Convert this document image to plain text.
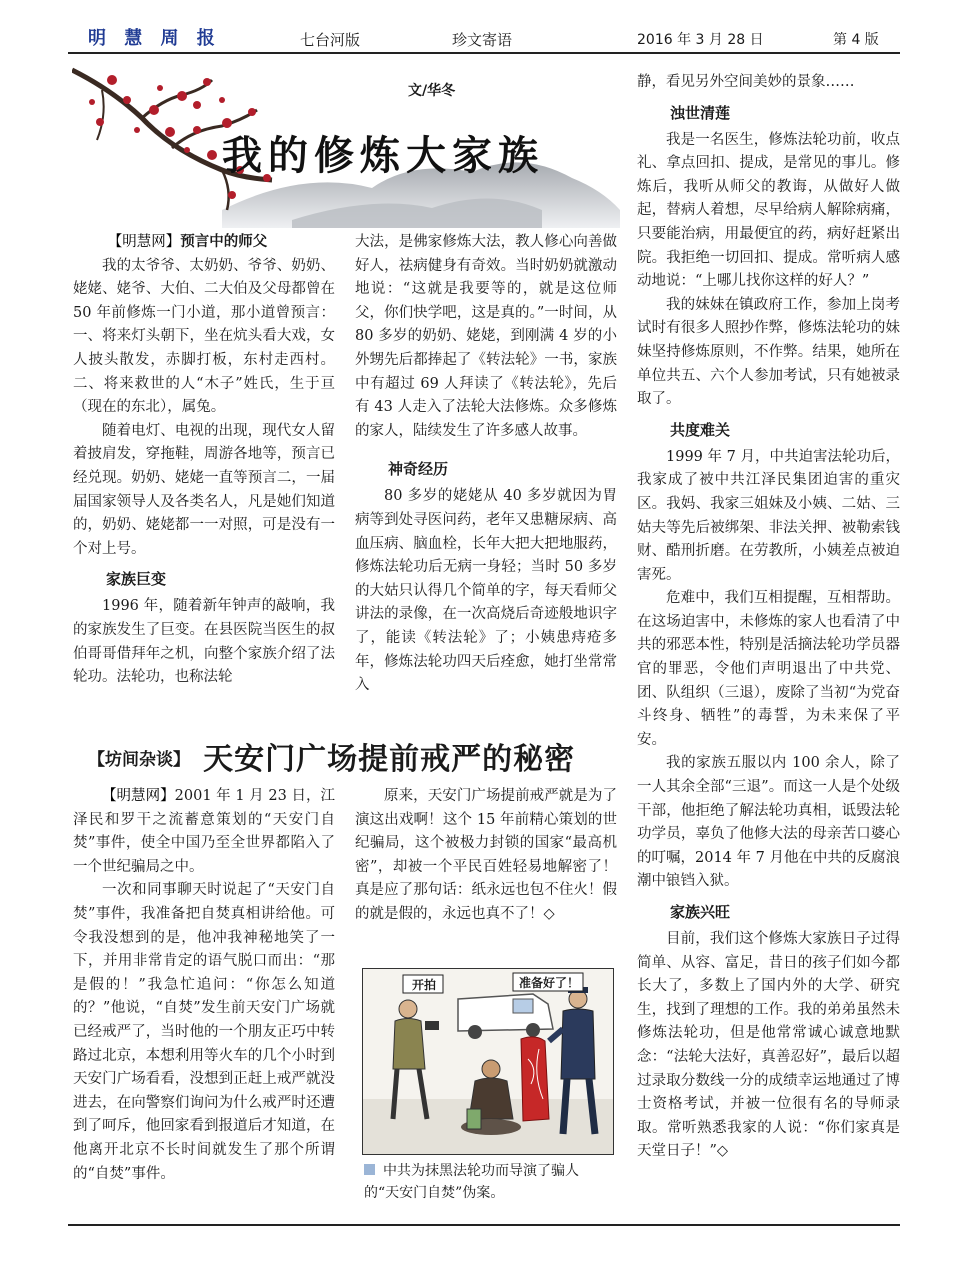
明 慧 周 报	七台河版	珍文寄语	2016 年 3 月 28 日	第 4 版
文/华冬
我的修炼大家族

【明慧网】预言中的师父

我的太爷爷、太奶奶、爷爷、奶奶、姥姥、姥爷、大伯、二大伯及父母都曾在 50 年前修炼一门小道，那小道曾预言：一、将来灯头朝下，坐在炕头看大戏，女人披头散发，赤脚打板，东村走西村。二、将来救世的人“木子”姓氏，生于亘（现在的东北），属兔。

随着电灯、电视的出现，现代女人留着披肩发，穿拖鞋，周游各地等，预言已经兑现。奶奶、姥姥一直等预言二，一届届国家领导人及各类名人，凡是她们知道的，奶奶、姥姥都一一对照，可是没有一个对上号。

家族巨变

1996 年，随着新年钟声的敲响，我的家族发生了巨变。在县医院当医生的叔伯哥哥借拜年之机，向整个家族介绍了法轮功。法轮功，也称法轮

大法，是佛家修炼大法，教人修心向善做好人，祛病健身有奇效。当时奶奶就激动地说：“这就是我要等的，就是这位师父，你们快学吧，这是真的。”一时间，从 80 多岁的奶奶、姥姥，到刚满 4 岁的小外甥先后都捧起了《转法轮》一书，家族中有超过 69 人拜读了《转法轮》，先后有 43 人走入了法轮大法修炼。众多修炼的家人，陆续发生了许多感人故事。

神奇经历

80 多岁的姥姥从 40 多岁就因为胃病等到处寻医问药，老年又患糖尿病、高血压病、脑血栓，长年大把大把地服药，修炼法轮功后无病一身轻；当时 50 多岁的大姑只认得几个简单的字，每天看师父讲法的录像，在一次高烧后奇迹般地识字了，能读《转法轮》了；小姨患痔疮多年，修炼法轮功四天后痊愈，她打坐常常入

静，看见另外空间美妙的景象……

浊世清莲

我是一名医生，修炼法轮功前，收点礼、拿点回扣、提成，是常见的事儿。修炼后，我听从师父的教诲，从做好人做起，替病人着想，尽早给病人解除病痛，只要能治病，用最便宜的药，病好赶紧出院。我拒绝一切回扣、提成。常听病人感动地说：“上哪儿找你这样的好人？”

我的妹妹在镇政府工作，参加上岗考试时有很多人照抄作弊，修炼法轮功的妹妹坚持修炼原则，不作弊。结果，她所在单位共五、六个人参加考试，只有她被录取了。

共度难关

1999 年 7 月，中共迫害法轮功后，我家成了被中共江泽民集团迫害的重灾区。我妈、我家三姐妹及小姨、二姑、三姑夫等先后被绑架、非法关押、被勒索钱财、酷刑折磨。在劳教所，小姨差点被迫害死。

危难中，我们互相提醒，互相帮助。在这场迫害中，未修炼的家人也看清了中共的邪恶本性，特别是活摘法轮功学员器官的罪恶，令他们声明退出了中共党、团、队组织（三退），废除了当初“为党奋斗终身、牺牲”的毒誓，为未来保了平安。

我的家族五服以内 100 余人，除了一人其余全部“三退”。而这一人是个处级干部，他拒绝了解法轮功真相，诋毁法轮功学员，辜负了他修大法的母亲苦口婆心的叮嘱，2014 年 7 月他在中共的反腐浪潮中锒铛入狱。

家族兴旺

目前，我们这个修炼大家族日子过得简单、从容、富足，昔日的孩子们如今都长大了，多数上了国内外的大学、研究生，找到了理想的工作。我的弟弟虽然未修炼法轮功，但是他常常诚心诚意地默念：“法轮大法好，真善忍好”，最后以超过录取分数线一分的成绩幸运地通过了博士资格考试，并被一位很有名的导师录取。常听熟悉我家的人说：“你们家真是天堂日子！”◇

【坊间杂谈】 天安门广场提前戒严的秘密

【明慧网】2001 年 1 月 23 日，江泽民和罗干之流蓄意策划的“天安门自焚”事件，使全中国乃至全世界都陷入了一个世纪骗局之中。

一次和同事聊天时说起了“天安门自焚”事件，我准备把自焚真相讲给他。可令我没想到的是，他冲我神秘地笑了一下，并用非常肯定的语气脱口而出：“那是假的！”我急忙追问：“你怎么知道的？”他说，“自焚”发生前天安门广场就已经戒严了，当时他的一个朋友正巧中转路过北京，本想利用等火车的几个小时到天安门广场看看，没想到正赶上戒严就没进去，在向警察们询问为什么戒严时还遭到了呵斥，他回家看到报道后才知道，在他离开北京不长时间就发生了那个所谓的“自焚”事件。

原来，天安门广场提前戒严就是为了演这出戏啊！这个 15 年前精心策划的世纪骗局，这个被极力封锁的国家“最高机密”，却被一个平民百姓轻易地解密了！真是应了那句话：纸永远也包不住火！假的就是假的，永远也真不了！◇

开拍	准备好了！
中共为抹黑法轮功而导演了骗人的“天安门自焚”伪案。
